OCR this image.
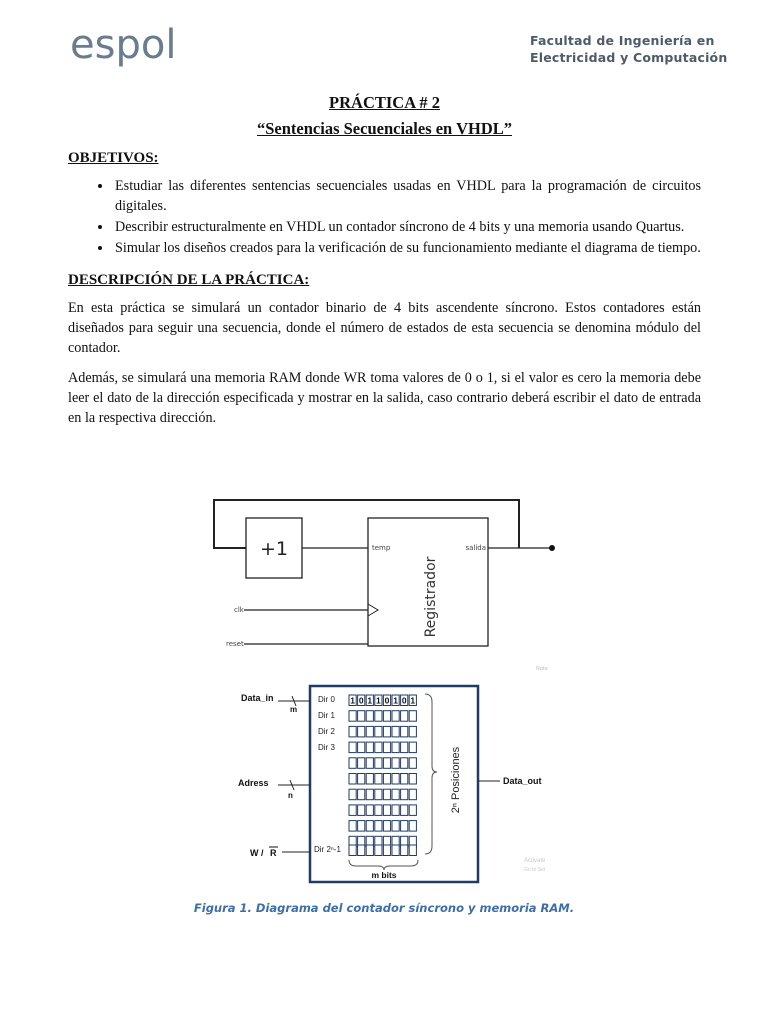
espol	Facultad de Ingeniería en
Electricidad y Computación
PRÁCTICA # 2
“Sentencias Secuenciales en VHDL”
OBJETIVOS:
• Estudiar las diferentes sentencias secuenciales usadas en VHDL para la programación de circuitos digitales.
• Describir estructuralmente en VHDL un contador síncrono de 4 bits y una memoria usando Quartus.
• Simular los diseños creados para la verificación de su funcionamiento mediante el diagrama de tiempo.
DESCRIPCIÓN DE LA PRÁCTICA:

En esta práctica se simulará un contador binario de 4 bits ascendente síncrono. Estos contadores están diseñados para seguir una secuencia, donde el número de estados de esta secuencia se denomina módulo del contador.

Además, se simulará una memoria RAM donde WR toma valores de 0 o 1, si el valor es cero la memoria debe leer el dato de la dirección especificada y mostrar en la salida, caso contrario deberá escribir el dato de entrada en la respectiva dirección.

+1	temp	salida
Registrador
clk
reset
Note
Data_in
m
Adress
n
W / R
Data_out
Dir 0
Dir 1
Dir 2
Dir 3
Dir 2ⁿ-1
1 0 1 1 0 1 0 1
2ⁿ Posiciones
m bits
Activate
Go to Set
Figura 1. Diagrama del contador síncrono y memoria RAM.
